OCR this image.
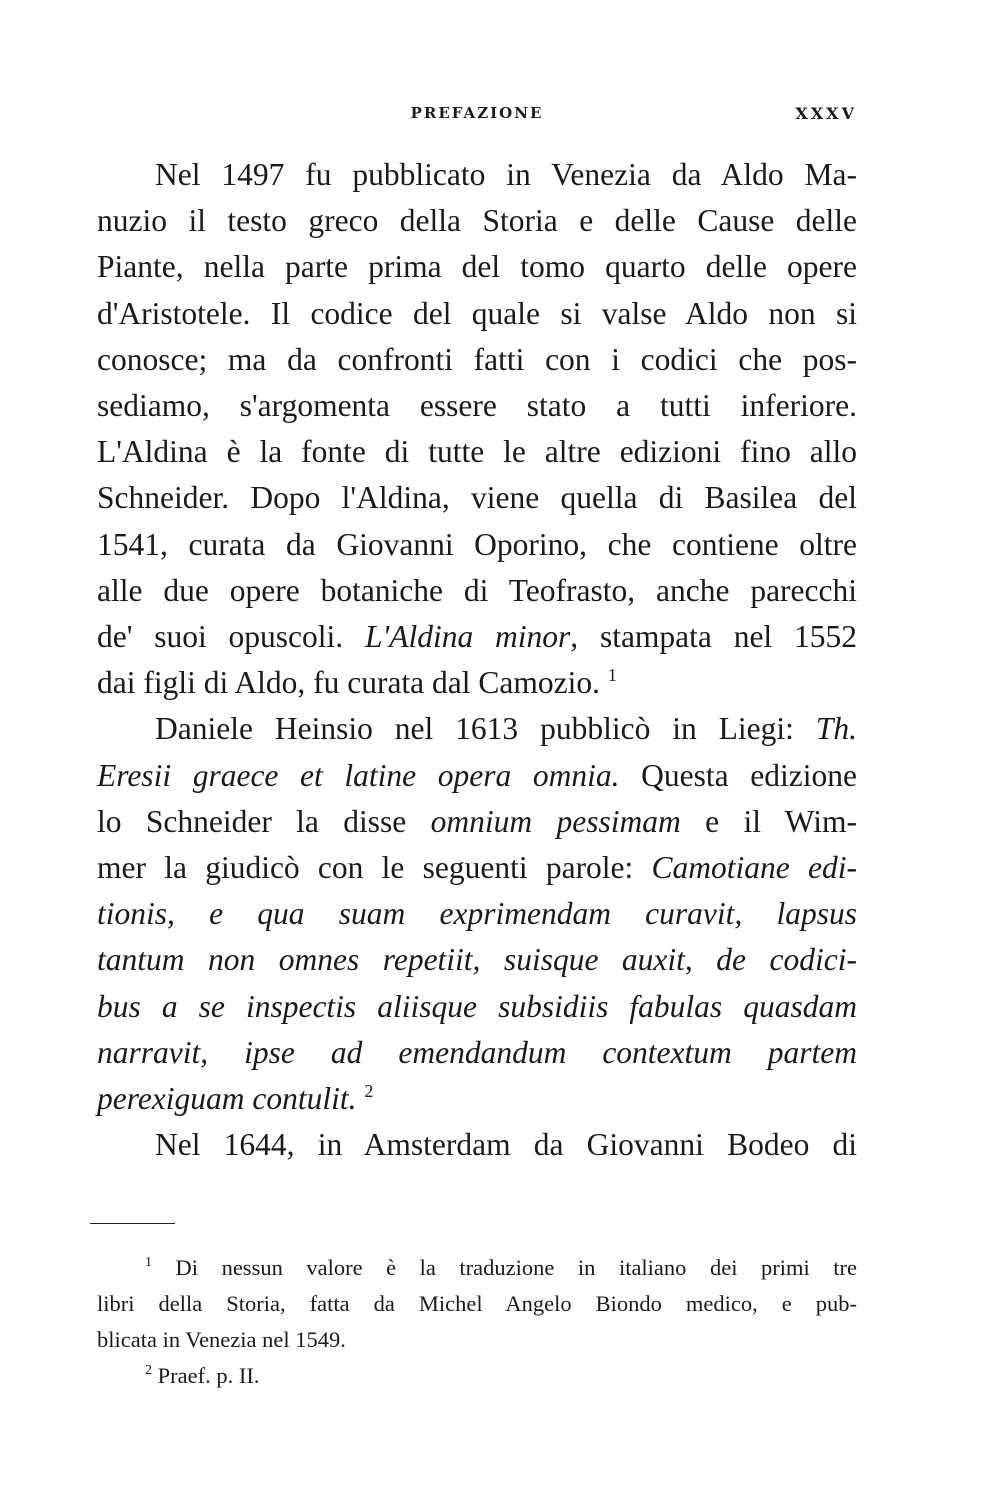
PREFAZIONE	XXXV
Nel 1497 fu pubblicato in Venezia da Aldo Ma-
nuzio il testo greco della Storia e delle Cause delle
Piante, nella parte prima del tomo quarto delle opere
d'Aristotele. Il codice del quale si valse Aldo non si
conosce; ma da confronti fatti con i codici che pos-
sediamo, s'argomenta essere stato a tutti inferiore.
L'Aldina è la fonte di tutte le altre edizioni fino allo
Schneider. Dopo l'Aldina, viene quella di Basilea del
1541, curata da Giovanni Oporino, che contiene oltre
alle due opere botaniche di Teofrasto, anche parecchi
de' suoi opuscoli. L'Aldina minor, stampata nel 1552
dai figli di Aldo, fu curata dal Camozio. $^1$
Daniele Heinsio nel 1613 pubblicò in Liegi: Th.
Eresii graece et latine opera omnia. Questa edizione
lo Schneider la disse omnium pessimam e il Wim-
mer la giudicò con le seguenti parole: Camotiane edi-
tionis, e qua suam exprimendam curavit, lapsus
tantum non omnes repetiit, suisque auxit, de codici-
bus a se inspectis aliisque subsidiis fabulas quasdam
narravit, ipse ad emendandum contextum partem
perexiguam contulit. $^2$
Nel 1644, in Amsterdam da Giovanni Bodeo di
$^1$ Di nessun valore è la traduzione in italiano dei primi tre
libri della Storia, fatta da Michel Angelo Biondo medico, e pub-
blicata in Venezia nel 1549.
$^2$ Praef. p. II.
